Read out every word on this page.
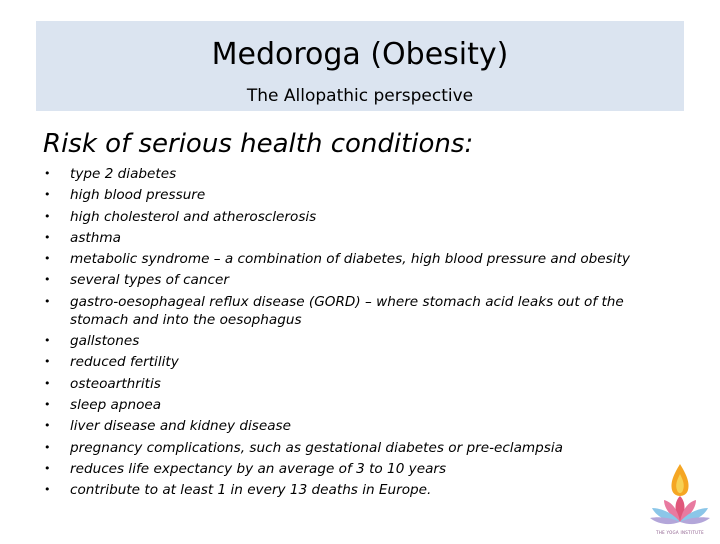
Medoroga (Obesity)
The Allopathic perspective
Risk of serious health conditions:
• type 2 diabetes
• high blood pressure
• high cholesterol and atherosclerosis
• asthma
• metabolic syndrome – a combination of diabetes, high blood pressure and obesity
• several types of cancer
• gastro-oesophageal reflux disease (GORD) – where stomach acid leaks out of the stomach and into the oesophagus
• gallstones
• reduced fertility
• osteoarthritis
• sleep apnoea
• liver disease and kidney disease
• pregnancy complications, such as gestational diabetes or pre-eclampsia
• reduces life expectancy by an average of 3 to 10 years
• contribute to at least 1 in every 13 deaths in Europe.
THE YOGA INSTITUTE
